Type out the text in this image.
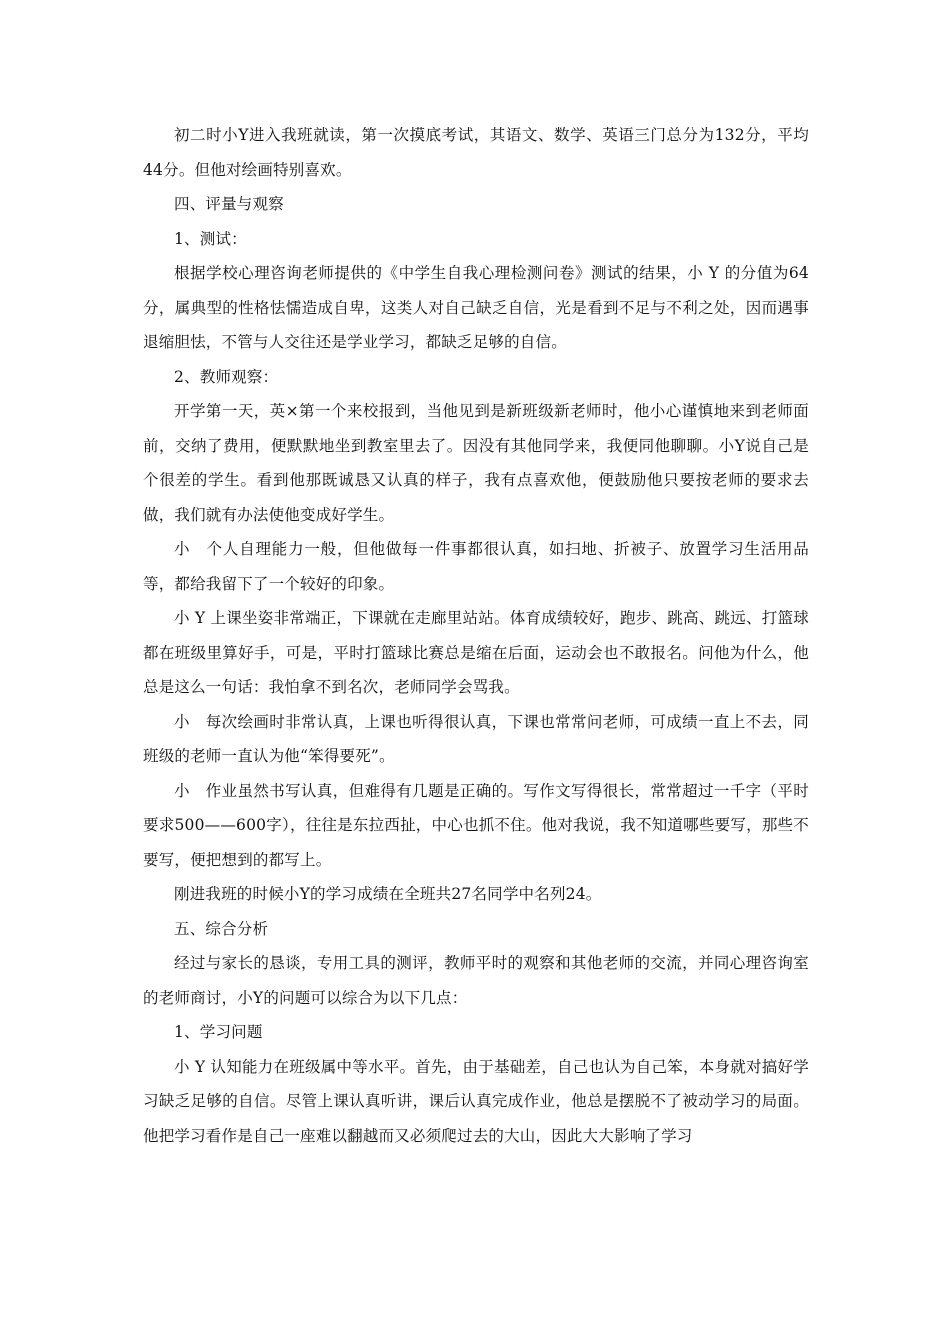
初二时小Y进入我班就读，第一次摸底考试，其语文、数学、英语三门总分为132分，平均44分。但他对绘画特别喜欢。

四、评量与观察

1、测试：

根据学校心理咨询老师提供的《中学生自我心理检测问卷》测试的结果，小 Y 的分值为64分，属典型的性格怯懦造成自卑，这类人对自己缺乏自信，光是看到不足与不利之处，因而遇事退缩胆怯，不管与人交往还是学业学习，都缺乏足够的自信。

2、教师观察：

开学第一天，英×第一个来校报到，当他见到是新班级新老师时，他小心谨慎地来到老师面前，交纳了费用，便默默地坐到教室里去了。因没有其他同学来，我便同他聊聊。小Y说自己是个很差的学生。看到他那既诚恳又认真的样子，我有点喜欢他，便鼓励他只要按老师的要求去做，我们就有办法使他变成好学生。

小　个人自理能力一般，但他做每一件事都很认真，如扫地、折被子、放置学习生活用品等，都给我留下了一个较好的印象。

小 Y 上课坐姿非常端正，下课就在走廊里站站。体育成绩较好，跑步、跳高、跳远、打篮球都在班级里算好手，可是，平时打篮球比赛总是缩在后面，运动会也不敢报名。问他为什么，他总是这么一句话：我怕拿不到名次，老师同学会骂我。

小　每次绘画时非常认真，上课也听得很认真，下课也常常问老师，可成绩一直上不去，同班级的老师一直认为他“笨得要死”。

小　作业虽然书写认真，但难得有几题是正确的。写作文写得很长，常常超过一千字（平时要求500——600字），往往是东拉西扯，中心也抓不住。他对我说，我不知道哪些要写，那些不要写，便把想到的都写上。

刚进我班的时候小Y的学习成绩在全班共27名同学中名列24。

五、综合分析

经过与家长的恳谈，专用工具的测评，教师平时的观察和其他老师的交流，并同心理咨询室的老师商讨，小Y的问题可以综合为以下几点：

1、学习问题

小 Y 认知能力在班级属中等水平。首先，由于基础差，自己也认为自己笨，本身就对搞好学习缺乏足够的自信。尽管上课认真听讲，课后认真完成作业，他总是摆脱不了被动学习的局面。他把学习看作是自己一座难以翻越而又必须爬过去的大山，因此大大影响了学习
